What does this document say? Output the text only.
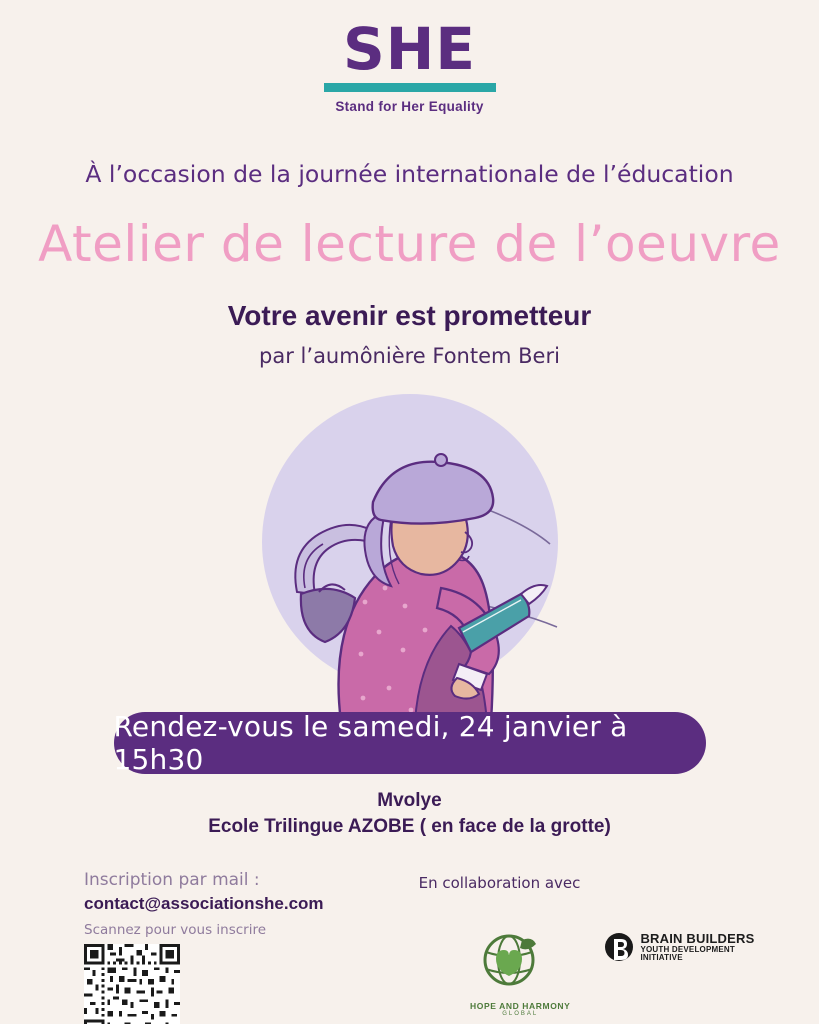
SHE
Stand for Her Equality
À l’occasion de la journée internationale de l’éducation
Atelier de lecture de l’oeuvre
Votre avenir est prometteur
par l’aumônière Fontem Beri
Rendez-vous le samedi, 24 janvier à 15h30
Mvolye
Ecole Trilingue AZOBE ( en face de la grotte)
Inscription par mail :
contact@associationshe.com
Scannez pour vous inscrire
En collaboration avec
HOPE AND HARMONY
GLOBAL
BRAIN BUILDERS
YOUTH DEVELOPMENT
INITIATIVE
